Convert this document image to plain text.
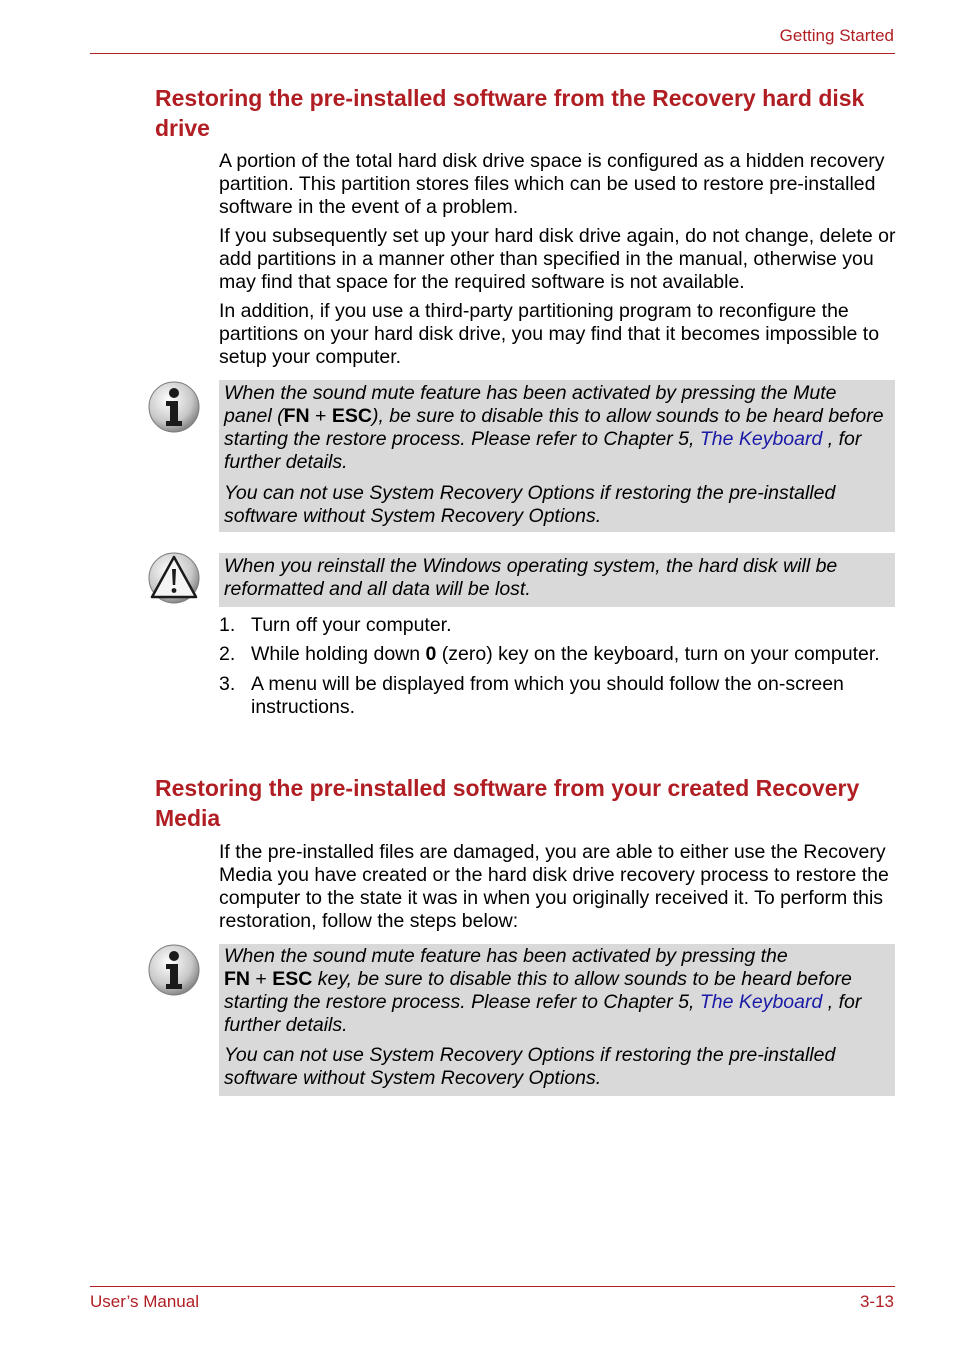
Getting Started
Restoring the pre-installed software from the Recovery hard disk drive

A portion of the total hard disk drive space is configured as a hidden recovery partition. This partition stores files which can be used to restore pre-installed software in the event of a problem.

If you subsequently set up your hard disk drive again, do not change, delete or add partitions in a manner other than specified in the manual, otherwise you may find that space for the required software is not available.

In addition, if you use a third-party partitioning program to reconfigure the partitions on your hard disk drive, you may find that it becomes impossible to setup your computer.

When the sound mute feature has been activated by pressing the Mute panel (FN + ESC), be sure to disable this to allow sounds to be heard before starting the restore process. Please refer to Chapter 5, The Keyboard , for further details.

You can not use System Recovery Options if restoring the pre-installed software without System Recovery Options.

When you reinstall the Windows operating system, the hard disk will be reformatted and all data will be lost.

1. Turn off your computer.
2. While holding down 0 (zero) key on the keyboard, turn on your computer.
3. A menu will be displayed from which you should follow the on-screen instructions.
Restoring the pre-installed software from your created Recovery Media

If the pre-installed files are damaged, you are able to either use the Recovery Media you have created or the hard disk drive recovery process to restore the computer to the state it was in when you originally received it. To perform this restoration, follow the steps below:

When the sound mute feature has been activated by pressing the
FN + ESC key, be sure to disable this to allow sounds to be heard before starting the restore process. Please refer to Chapter 5, The Keyboard , for further details.

You can not use System Recovery Options if restoring the pre-installed software without System Recovery Options.

User’s Manual	3-13
